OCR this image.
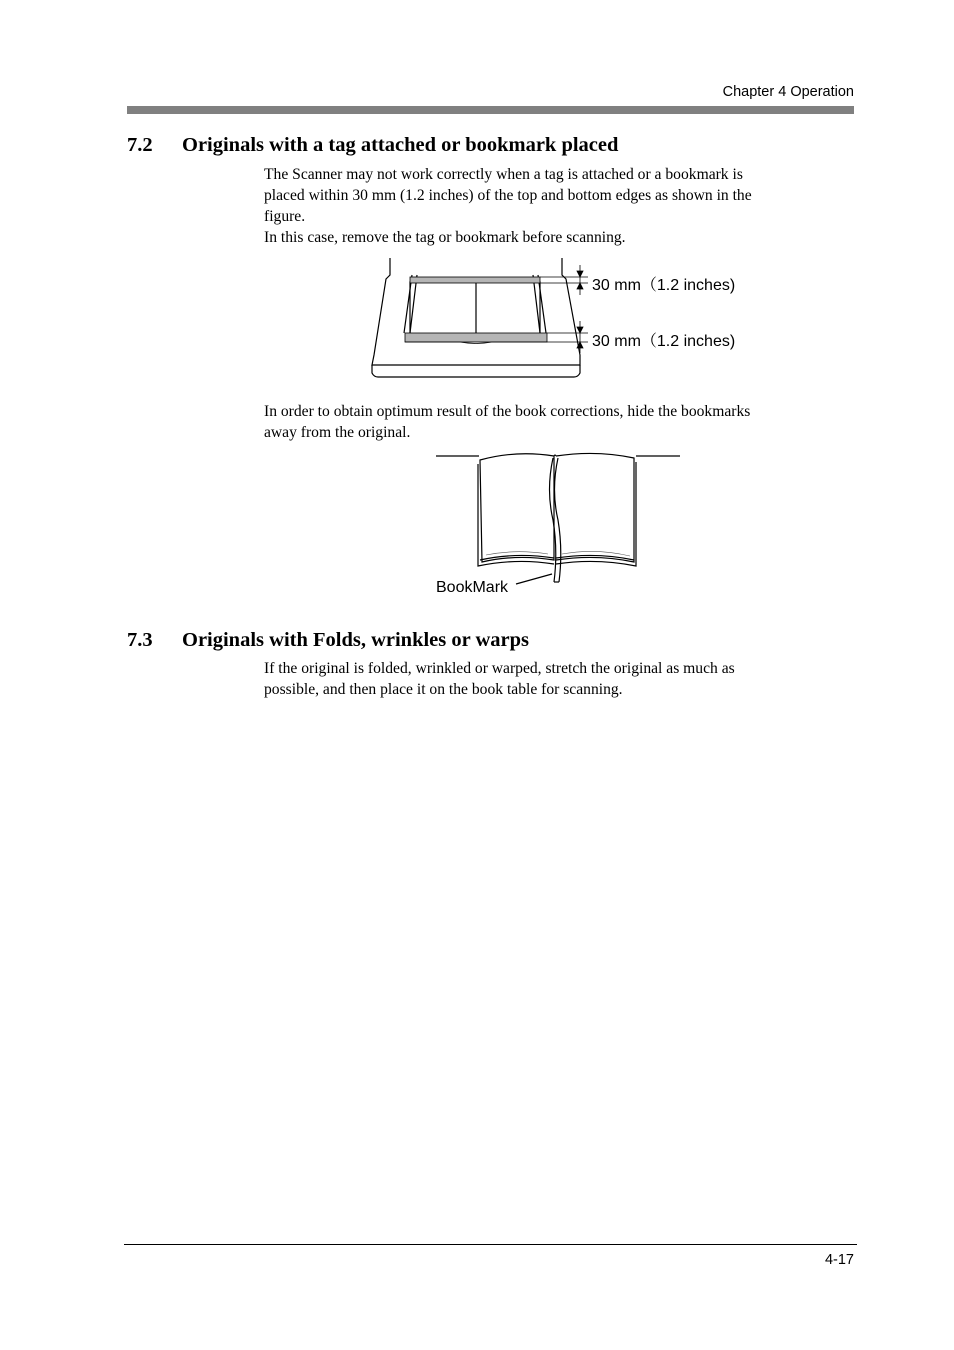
Chapter 4 Operation
7.2 Originals with a tag attached or bookmark placed

The Scanner may not work correctly when a tag is attached or a bookmark is

placed within 30 mm (1.2 inches) of the top and bottom edges as shown in the

figure.

In this case, remove the tag or bookmark before scanning.

30 mm（1.2 inches)
30 mm（1.2 inches)

In order to obtain optimum result of the book corrections, hide the bookmarks

away from the original.

BookMark
7.3 Originals with Folds, wrinkles or warps

If the original is folded, wrinkled or warped, stretch the original as much as

possible, and then place it on the book table for scanning.

4-17
